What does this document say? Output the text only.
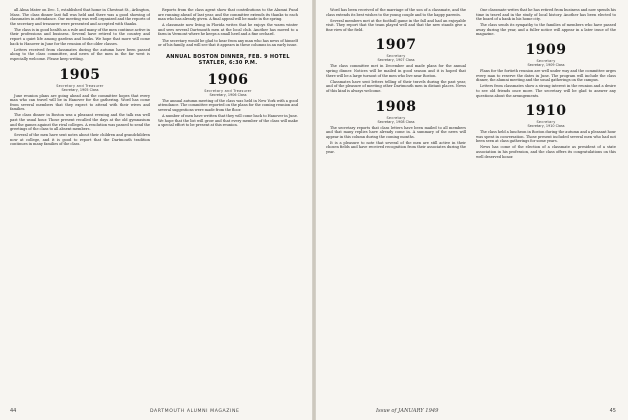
all Alma Mater on Dec. 1, established that home in Chestnut St., Arlington, Mass. The class dinner last fall was held and there was a good showing of classmates in attendance. Our meeting was well organized and the reports of the secretary and treasurer were presented and accepted with thanks.

The class is in good health as a rule and many of the men continue active in their professions and business. Several have retired to the country and report a quiet life among gardens and books. We hope that more will come back to Hanover in June for the reunion of the older classes.

Letters received from classmates during the autumn have been passed along to the class committee, and news of the men in the far west is especially welcome. Please keep writing.

1905
Secretary and Treasurer
Secretary, 1905 Class

June reunion plans are going ahead and the committee hopes that every man who can travel will be in Hanover for the gathering. Word has come from several members that they expect to attend with their wives and families.

The class dinner in Boston was a pleasant evening and the talk ran well past the usual hour. Those present recalled the days at the old gymnasium and the games against the rival colleges. A resolution was passed to send the greetings of the class to all absent members.

Several of the men have sent notes about their children and grandchildren now at college, and it is good to report that the Dartmouth tradition continues in many families of the class.

Reports from the class agent show that contributions to the Alumni Fund are running ahead of last year, and the committee extends its thanks to each man who has already given. A final appeal will be made in the spring.

A classmate now living in Florida writes that he enjoys the warm winter and sees several Dartmouth men at the local club. Another has moved to a farm in Vermont where he keeps a small herd and a fine orchard.

The secretary would be glad to hear from any man who has news of himself or of his family, and will see that it appears in these columns in an early issue.

ANNUAL BOSTON DINNER, FEB. 9 HOTEL STATLER, 6:30 P.M.
1906
Secretary and Treasurer
Secretary, 1906 Class

The annual autumn meeting of the class was held in New York with a good attendance. The committee reported on the plans for the coming reunion and several suggestions were made from the floor.

A number of men have written that they will come back to Hanover in June. We hope that the list will grow and that every member of the class will make a special effort to be present at this reunion.

44	DARTMOUTH ALUMNI MAGAZINE

Word has been received of the marriage of the son of a classmate, and the class extends its best wishes to the young couple and to the happy parents.

Several members met at the football game in the fall and had an enjoyable visit. They report that the team played well and that the new stands give a fine view of the field.

1907
Secretary
Secretary, 1907 Class

The class committee met in December and made plans for the annual spring dinner. Notices will be mailed in good season and it is hoped that there will be a large turnout of the men who live near Boston.

Classmates have sent letters telling of their travels during the past year, and of the pleasure of meeting other Dartmouth men in distant places. News of this kind is always welcome.

1908
Secretary
Secretary, 1908 Class

The secretary reports that class letters have been mailed to all members and that many replies have already come in. A summary of the news will appear in this column during the coming months.

It is a pleasure to note that several of the men are still active in their chosen fields and have received recognition from their associates during the year.

One classmate writes that he has retired from business and now spends his time in travel and in the study of local history. Another has been elected to the board of a bank in his home city.

The class sends its sympathy to the families of members who have passed away during the year, and a fuller notice will appear in a later issue of the magazine.

1909
Secretary
Secretary, 1909 Class

Plans for the fortieth reunion are well under way and the committee urges every man to reserve the dates in June. The program will include the class dinner, the alumni meeting and the usual gatherings on the campus.

Letters from classmates show a strong interest in the reunion and a desire to see old friends once more. The secretary will be glad to answer any questions about the arrangements.

1910
Secretary
Secretary, 1910 Class

The class held a luncheon in Boston during the autumn and a pleasant hour was spent in conversation. Those present included several men who had not been seen at class gatherings for some years.

News has come of the election of a classmate as president of a state association in his profession, and the class offers its congratulations on this well deserved honor.

Issue of JANUARY 1949	45
